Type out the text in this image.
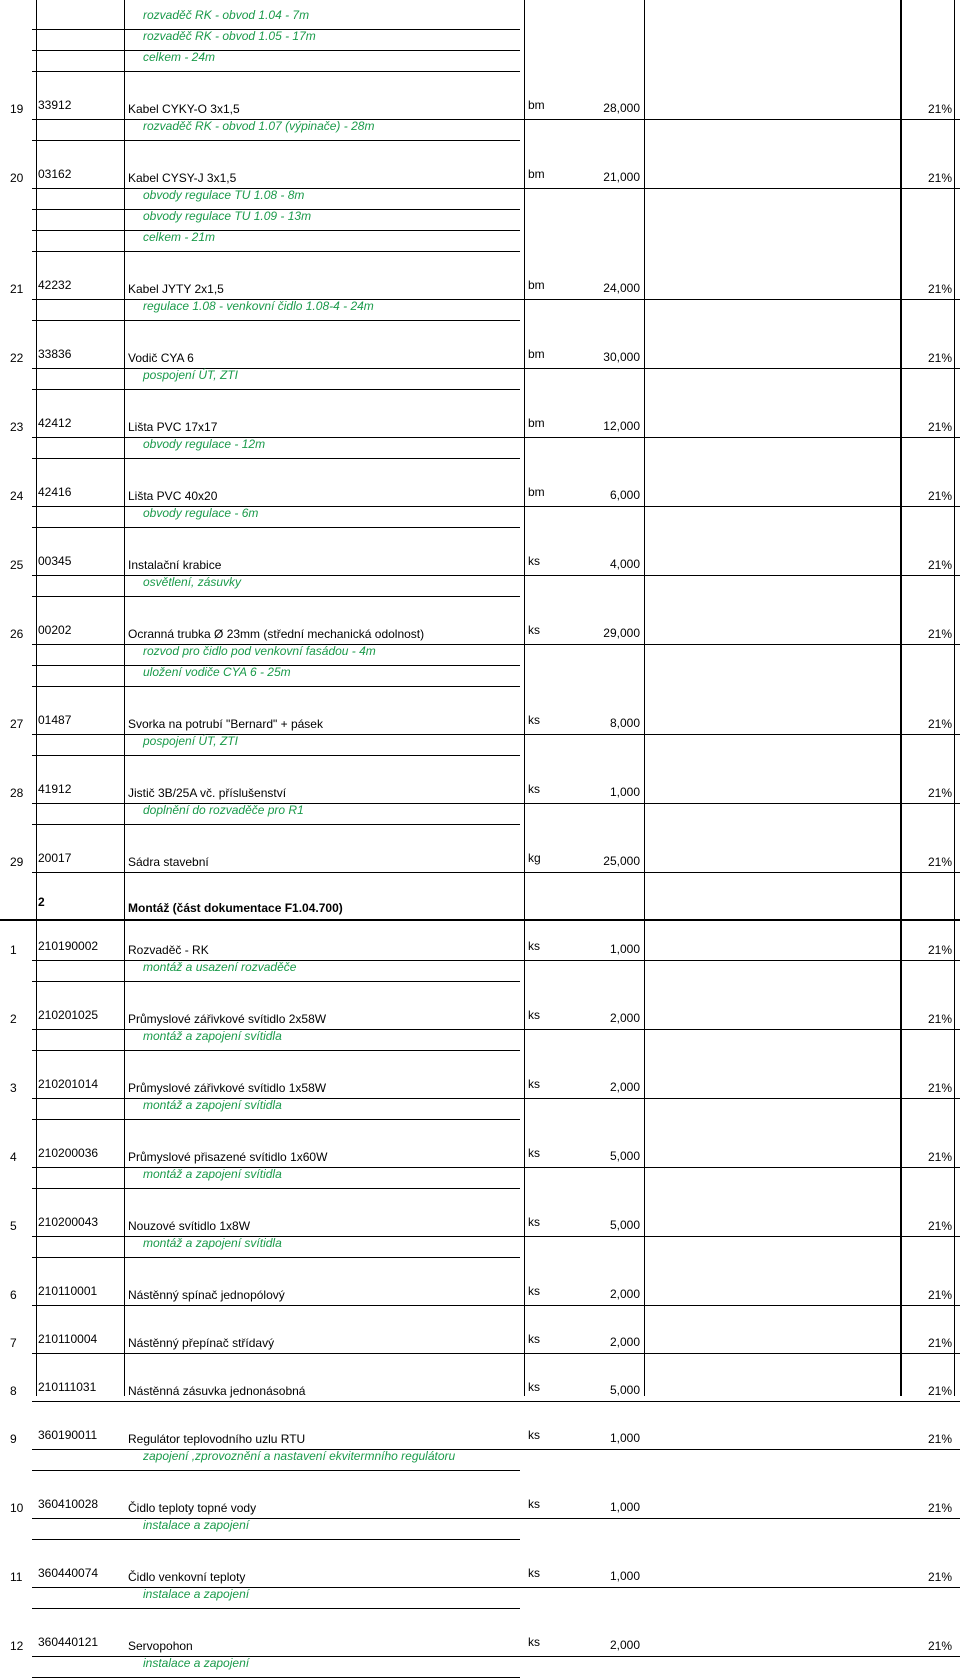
rozvaděč RK - obvod 1.04 - 7m
rozvaděč RK - obvod 1.05 - 17m
celkem - 24m
19 33912	Kabel CYKY-O 3x1,5	bm	28,000	21%
rozvaděč RK - obvod 1.07 (výpinače) - 28m
20 03162	Kabel CYSY-J 3x1,5	bm	21,000	21%
obvody regulace TU 1.08 - 8m
obvody regulace TU 1.09 - 13m
celkem - 21m
21 42232	Kabel JYTY 2x1,5	bm	24,000	21%
regulace 1.08 - venkovní čidlo 1.08-4 - 24m
22 33836	Vodič CYA 6	bm	30,000	21%
pospojení ÚT, ZTI
23 42412	Lišta PVC 17x17	bm	12,000	21%
obvody regulace - 12m
24 42416	Lišta PVC 40x20	bm	6,000	21%
obvody regulace - 6m
25 00345	Instalační krabice	ks	4,000	21%
osvětlení, zásuvky
26 00202	Ocranná trubka Ø 23mm (střední mechanická odolnost)	ks	29,000	21%
rozvod pro čidlo pod venkovní fasádou - 4m
uložení vodiče CYA 6 - 25m
27 01487	Svorka na potrubí "Bernard" + pásek	ks	8,000	21%
pospojení ÚT, ZTI
28 41912	Jistič 3B/25A vč. příslušenství	ks	1,000	21%
doplnění do rozvaděče pro R1
29 20017	Sádra stavební	kg	25,000	21%
2	Montáž (část dokumentace F1.04.700)
1 210190002 Rozvaděč - RK	ks	1,000	21%
montáž a usazení rozvaděče
2 210201025 Průmyslové zářivkové svítidlo 2x58W	ks	2,000	21%
montáž a zapojení svítidla
3 210201014 Průmyslové zářivkové svítidlo 1x58W	ks	2,000	21%
montáž a zapojení svítidla
4 210200036 Průmyslové přisazené svítidlo 1x60W	ks	5,000	21%
montáž a zapojení svítidla
5 210200043 Nouzové svítidlo 1x8W	ks	5,000	21%
montáž a zapojení svítidla
6 210110001	Nástěnný spínač jednopólový	ks	2,000	21%
7 210110004	Nástěnný přepínač střídavý	ks	2,000	21%
8 210111031	Nástěnná zásuvka jednonásobná	ks	5,000	21%
9 360190011	Regulátor teplovodního uzlu RTU	ks	1,000	21%
zapojení ,zprovoznění a nastavení ekvitermního regulátoru
10 360410028 Čidlo teploty topné vody	ks	1,000	21%
instalace a zapojení
11 360440074 Čidlo venkovní teploty	ks	1,000	21%
instalace a zapojení
12 360440121 Servopohon	ks	2,000	21%
instalace a zapojení
